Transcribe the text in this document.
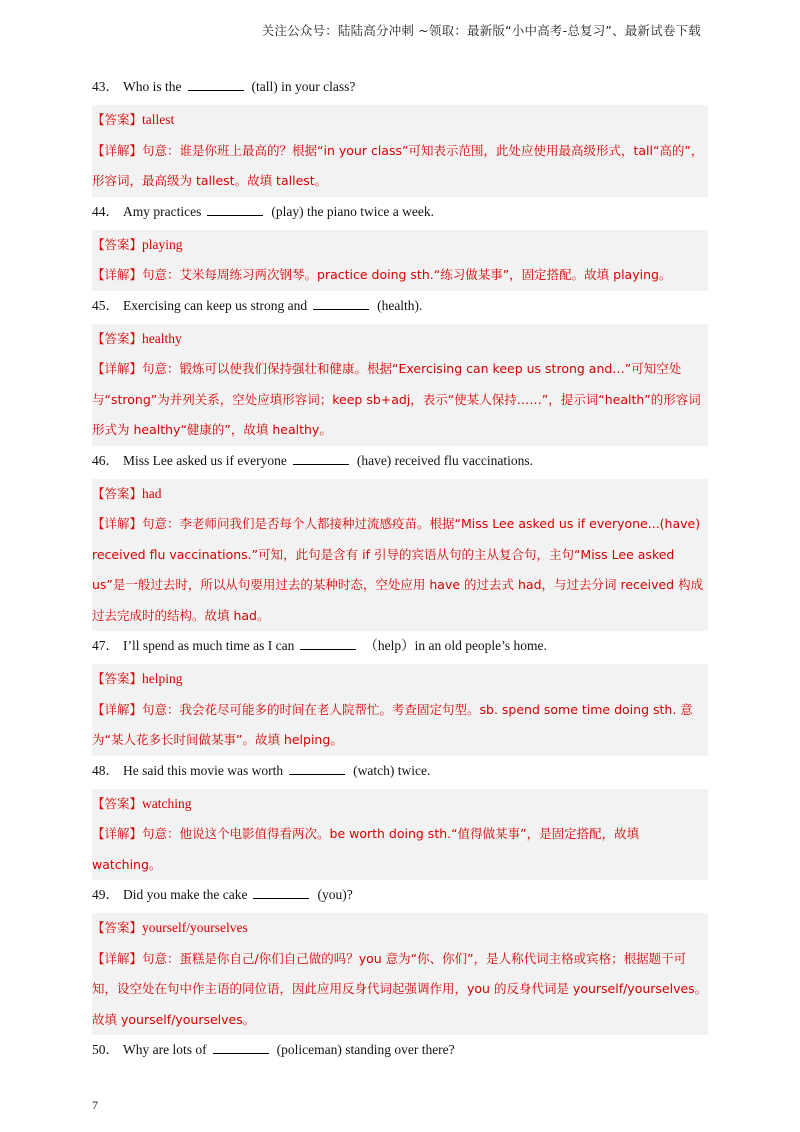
关注公众号：陆陆高分冲刺 ~领取：最新版“小中高考-总复习”、最新试卷下载
43． Who is the	(tall) in your class?
【答案】tallest
【详解】句意：谁是你班上最高的？根据“in your class”可知表示范围，此处应使用最高级形式，tall“高的”，形容词，最高级为 tallest。故填 tallest。
44． Amy practices	(play) the piano twice a week.
【答案】playing
【详解】句意：艾米每周练习两次钢琴。practice doing sth.“练习做某事”，固定搭配。故填 playing。
45． Exercising can keep us strong and	(health).
【答案】healthy
【详解】句意：锻炼可以使我们保持强壮和健康。根据“Exercising can keep us strong and…”可知空处与“strong”为并列关系，空处应填形容词；keep sb+adj，表示“使某人保持……”，提示词“health”的形容词形式为 healthy“健康的”，故填 healthy。
46． Miss Lee asked us if everyone	(have) received flu vaccinations.
【答案】had
【详解】句意：李老师问我们是否每个人都接种过流感疫苗。根据“Miss Lee asked us if everyone...(have) received flu vaccinations.”可知，此句是含有 if 引导的宾语从句的主从复合句，主句“Miss Lee asked us”是一般过去时，所以从句要用过去的某种时态，空处应用 have 的过去式 had，与过去分词 received 构成过去完成时的结构。故填 had。
47． I’ll spend as much time as I can	（help）in an old people’s home.
【答案】helping
【详解】句意：我会花尽可能多的时间在老人院帮忙。考查固定句型。sb. spend some time doing sth. 意为“某人花多长时间做某事”。故填 helping。
48． He said this movie was worth	(watch) twice.
【答案】watching
【详解】句意：他说这个电影值得看两次。be worth doing sth.“值得做某事”，是固定搭配，故填 watching。
49． Did you make the cake	(you)?
【答案】yourself/yourselves
【详解】句意：蛋糕是你自己/你们自己做的吗？you 意为“你、你们”，是人称代词主格或宾格；根据题干可知，设空处在句中作主语的同位语，因此应用反身代词起强调作用，you 的反身代词是 yourself/yourselves。故填 yourself/yourselves。
50． Why are lots of	(policeman) standing over there?
7
